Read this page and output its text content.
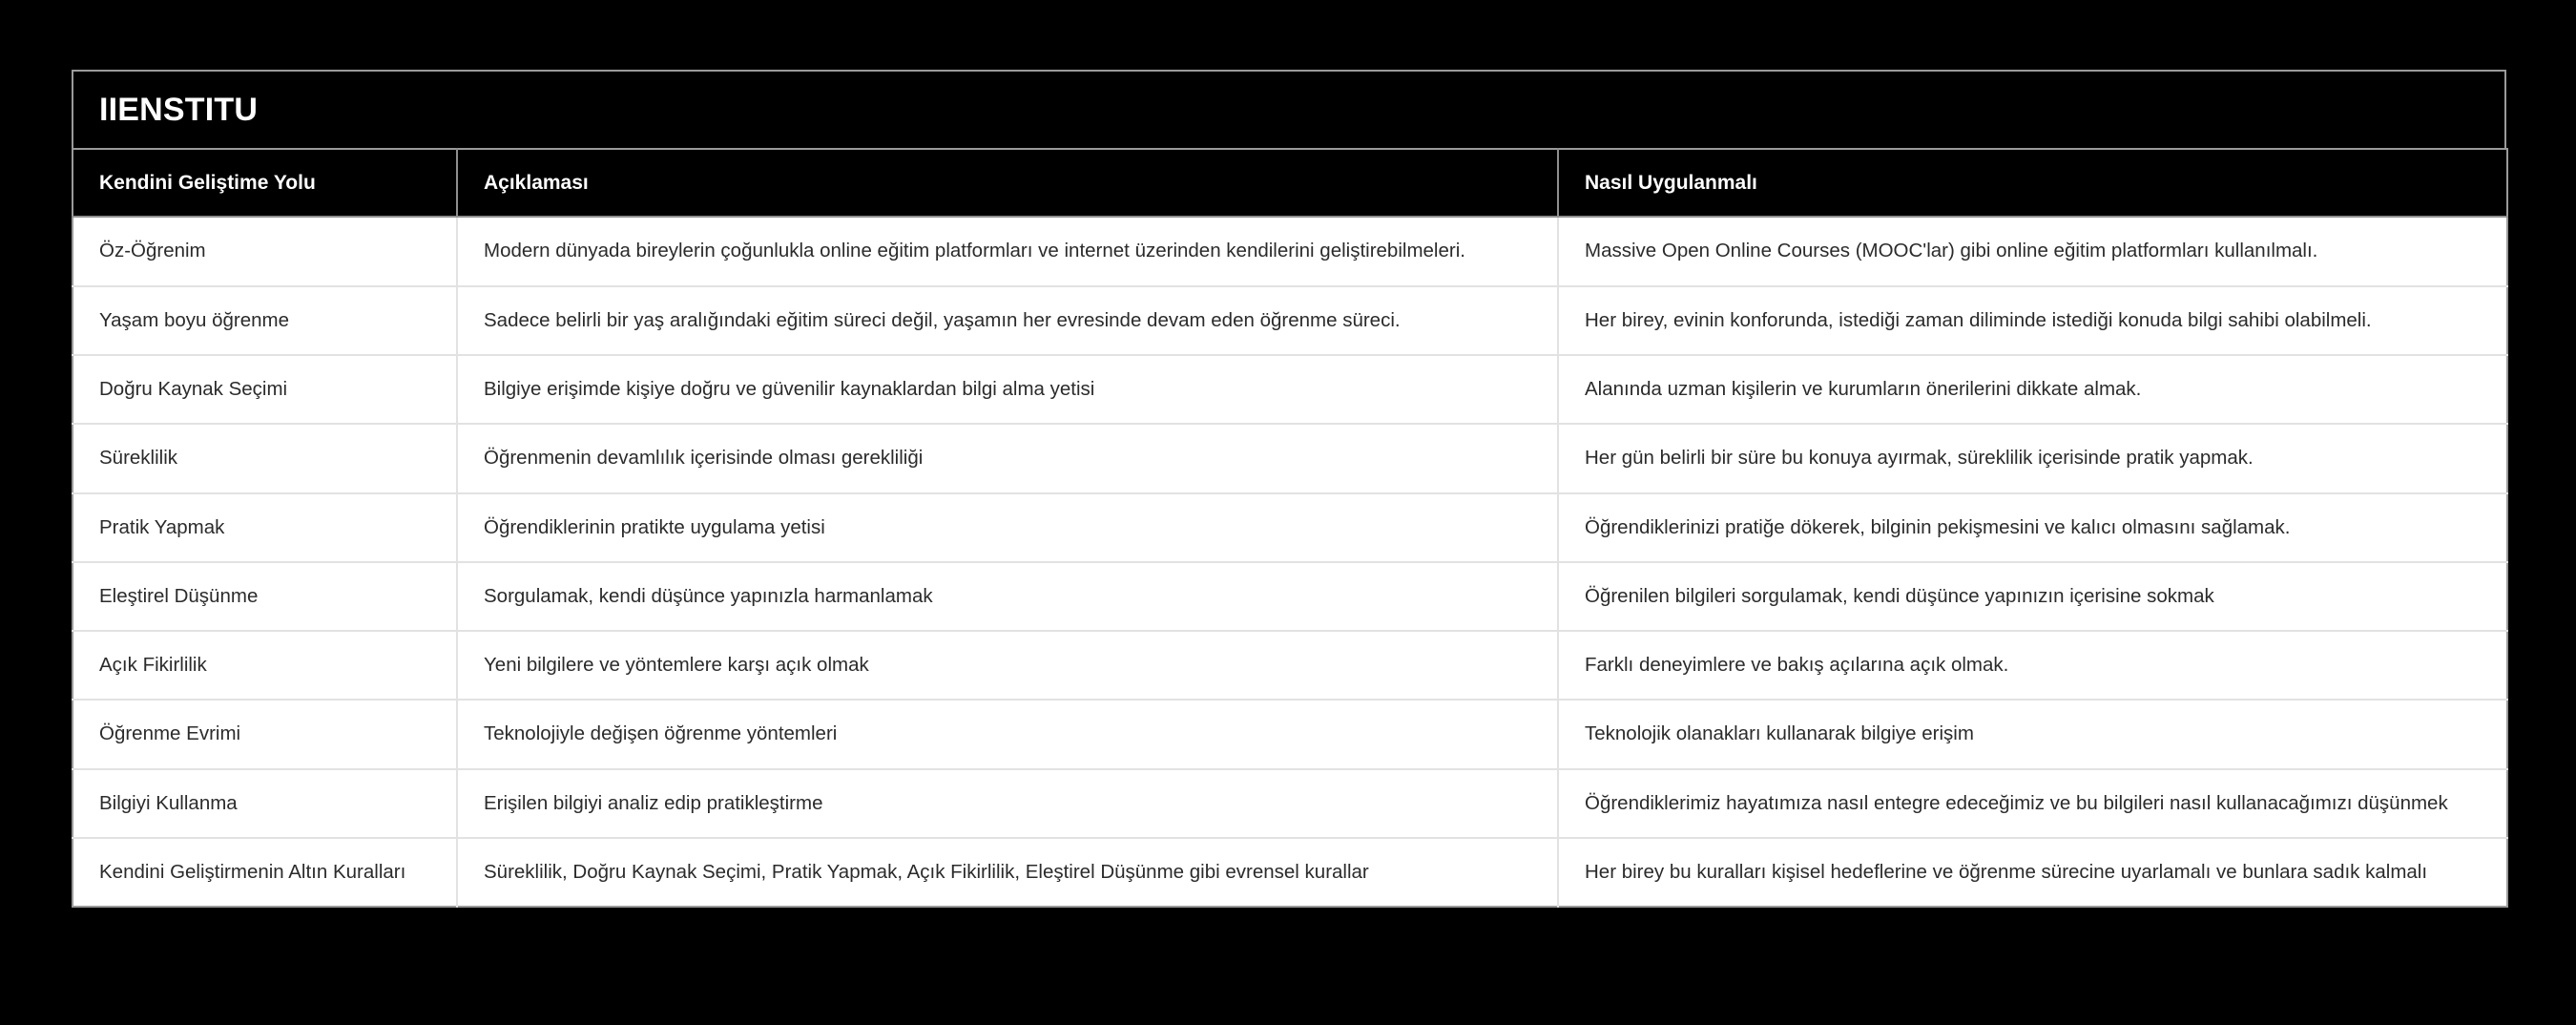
IIENSTITU
Kendini Geliştime Yolu	Açıklaması	Nasıl Uygulanmalı
Öz-Öğrenim	Modern dünyada bireylerin çoğunlukla online eğitim platformları ve internet üzerinden kendilerini geliştirebilmeleri.	Massive Open Online Courses (MOOC'lar) gibi online eğitim platformları kullanılmalı.
Yaşam boyu öğrenme	Sadece belirli bir yaş aralığındaki eğitim süreci değil, yaşamın her evresinde devam eden öğrenme süreci.	Her birey, evinin konforunda, istediği zaman diliminde istediği konuda bilgi sahibi olabilmeli.
Doğru Kaynak Seçimi	Bilgiye erişimde kişiye doğru ve güvenilir kaynaklardan bilgi alma yetisi	Alanında uzman kişilerin ve kurumların önerilerini dikkate almak.
Süreklilik	Öğrenmenin devamlılık içerisinde olması gerekliliği	Her gün belirli bir süre bu konuya ayırmak, süreklilik içerisinde pratik yapmak.
Pratik Yapmak	Öğrendiklerinin pratikte uygulama yetisi	Öğrendiklerinizi pratiğe dökerek, bilginin pekişmesini ve kalıcı olmasını sağlamak.
Eleştirel Düşünme	Sorgulamak, kendi düşünce yapınızla harmanlamak	Öğrenilen bilgileri sorgulamak, kendi düşünce yapınızın içerisine sokmak
Açık Fikirlilik	Yeni bilgilere ve yöntemlere karşı açık olmak	Farklı deneyimlere ve bakış açılarına açık olmak.
Öğrenme Evrimi	Teknolojiyle değişen öğrenme yöntemleri	Teknolojik olanakları kullanarak bilgiye erişim
Bilgiyi Kullanma	Erişilen bilgiyi analiz edip pratikleştirme	Öğrendiklerimiz hayatımıza nasıl entegre edeceğimiz ve bu bilgileri nasıl kullanacağımızı düşünmek
Kendini Geliştirmenin Altın Kuralları	Süreklilik, Doğru Kaynak Seçimi, Pratik Yapmak, Açık Fikirlilik, Eleştirel Düşünme gibi evrensel kurallar	Her birey bu kuralları kişisel hedeflerine ve öğrenme sürecine uyarlamalı ve bunlara sadık kalmalı
